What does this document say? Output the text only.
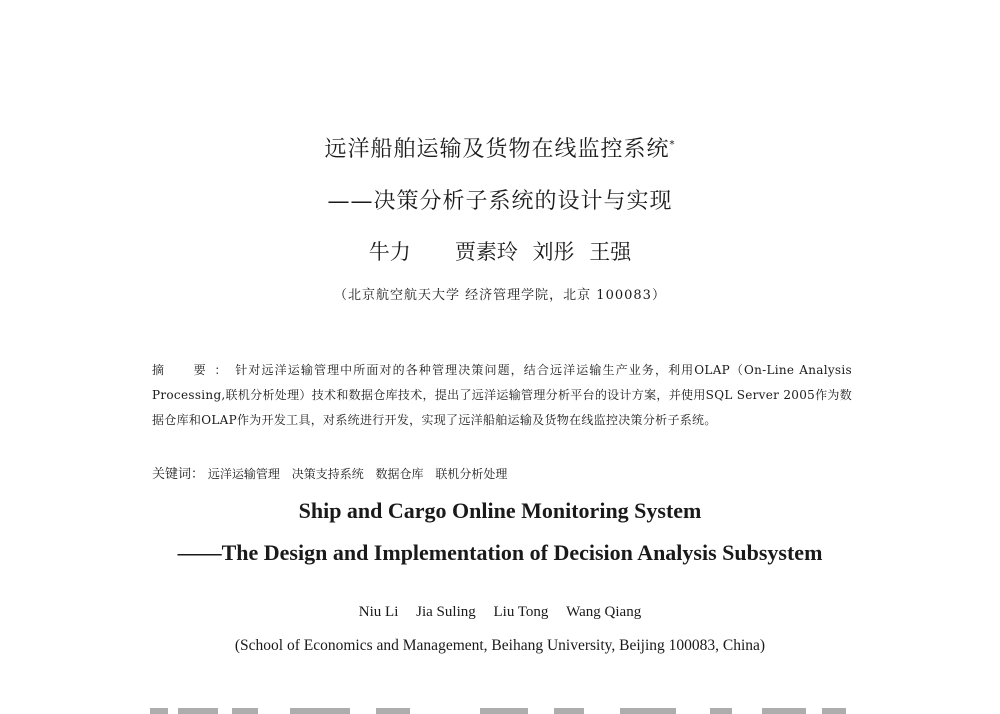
远洋船舶运输及货物在线监控系统*
——决策分析子系统的设计与实现
牛力 贾素玲 刘彤 王强
（北京航空航天大学 经济管理学院，北京 100083）
摘　要：针对远洋运输管理中所面对的各种管理决策问题，结合远洋运输生产业务，利用OLAP（On-Line Analysis Processing,联机分析处理）技术和数据仓库技术，提出了远洋运输管理分析平台的设计方案，并使用SQL Server 2005作为数据仓库和OLAP作为开发工具，对系统进行开发，实现了远洋船舶运输及货物在线监控决策分析子系统。
关键词： 远洋运输管理 决策支持系统 数据仓库 联机分析处理
Ship and Cargo Online Monitoring System
——The Design and Implementation of Decision Analysis Subsystem
Niu Li Jia Suling Liu Tong Wang Qiang
(School of Economics and Management, Beihang University, Beijing 100083, China)
